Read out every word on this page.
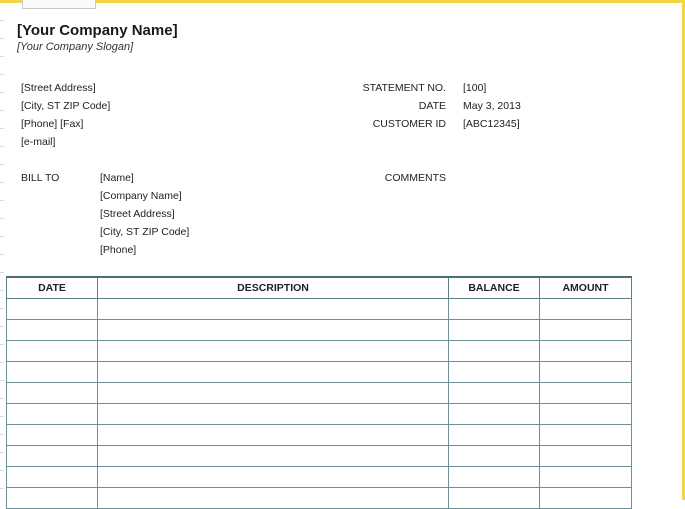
[Your Company Name]
[Your Company Slogan]
[Street Address]
[City, ST ZIP Code]
[Phone] [Fax]
[e-mail]
STATEMENT NO. [100]
DATE May 3, 2013
CUSTOMER ID [ABC12345]
BILL TO	[Name]
[Company Name]
[Street Address]
[City, ST ZIP Code]
[Phone]
COMMENTS
DATE	DESCRIPTION	BALANCE	AMOUNT
